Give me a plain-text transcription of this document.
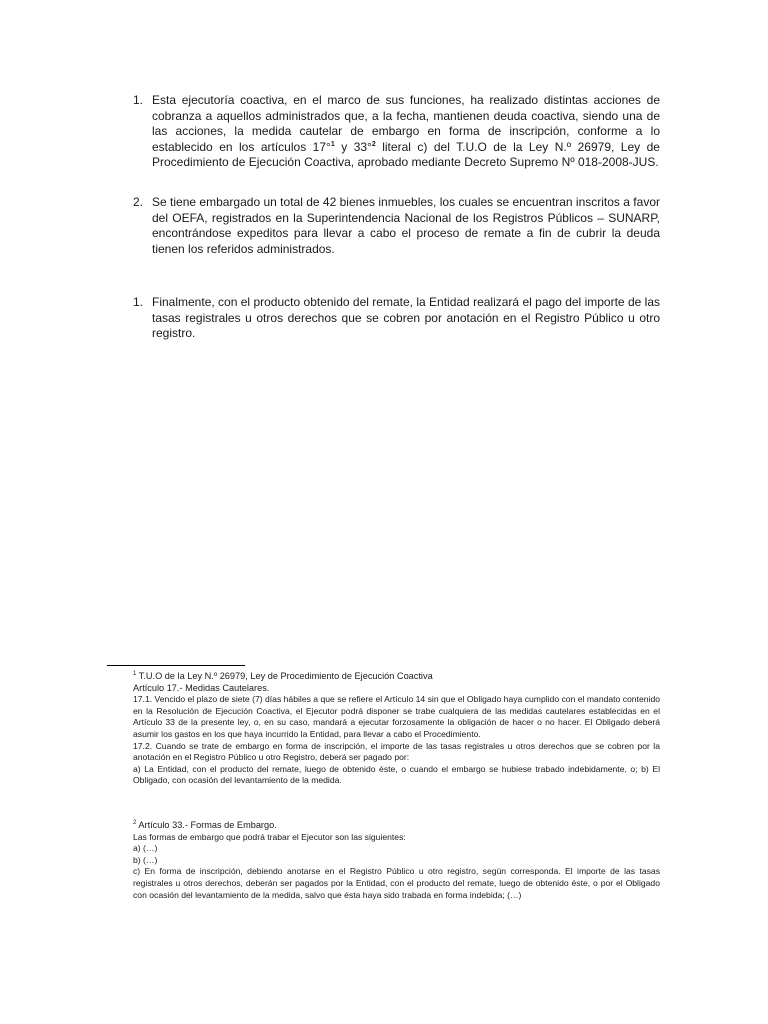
1. Esta ejecutoría coactiva, en el marco de sus funciones, ha realizado distintas acciones de cobranza a aquellos administrados que, a la fecha, mantienen deuda coactiva, siendo una de las acciones, la medida cautelar de embargo en forma de inscripción, conforme a lo establecido en los artículos 17°$^1$ y 33°$^2$ literal c) del T.U.O de la Ley N.º 26979, Ley de Procedimiento de Ejecución Coactiva, aprobado mediante Decreto Supremo Nº 018-2008-JUS.
2. Se tiene embargado un total de 42 bienes inmuebles, los cuales se encuentran inscritos a favor del OEFA, registrados en la Superintendencia Nacional de los Registros Públicos – SUNARP, encontrándose expeditos para llevar a cabo el proceso de remate a fin de cubrir la deuda tienen los referidos administrados.
1. Finalmente, con el producto obtenido del remate, la Entidad realizará el pago del importe de las tasas registrales u otros derechos que se cobren por anotación en el Registro Público u otro registro.

$^1$ T.U.O de la Ley N.º 26979, Ley de Procedimiento de Ejecución Coactiva

Artículo 17.- Medidas Cautelares.

17.1. Vencido el plazo de siete (7) días hábiles a que se refiere el Artículo 14 sin que el Obligado haya cumplido con el mandato contenido en la Resolución de Ejecución Coactiva, el Ejecutor podrá disponer se trabe cualquiera de las medidas cautelares establecidas en el Artículo 33 de la presente ley, o, en su caso, mandará a ejecutar forzosamente la obligación de hacer o no hacer. El Obligado deberá asumir los gastos en los que haya incurrido la Entidad, para llevar a cabo el Procedimiento.

17.2. Cuando se trate de embargo en forma de inscripción, el importe de las tasas registrales u otros derechos que se cobren por la anotación en el Registro Público u otro Registro, deberá ser pagado por:

a) La Entidad, con el producto del remate, luego de obtenido éste, o cuando el embargo se hubiese trabado indebidamente, o; b) El Obligado, con ocasión del levantamiento de la medida.

$^2$ Artículo 33.- Formas de Embargo.

Las formas de embargo que podrá trabar el Ejecutor son las siguientes:

a) (…)

b) (…)

c) En forma de inscripción, debiendo anotarse en el Registro Público u otro registro, según corresponda. El importe de las tasas registrales u otros derechos, deberán ser pagados por la Entidad, con el producto del remate, luego de obtenido éste, o por el Obligado con ocasión del levantamiento de la medida, salvo que ésta haya sido trabada en forma indebida; (…)
